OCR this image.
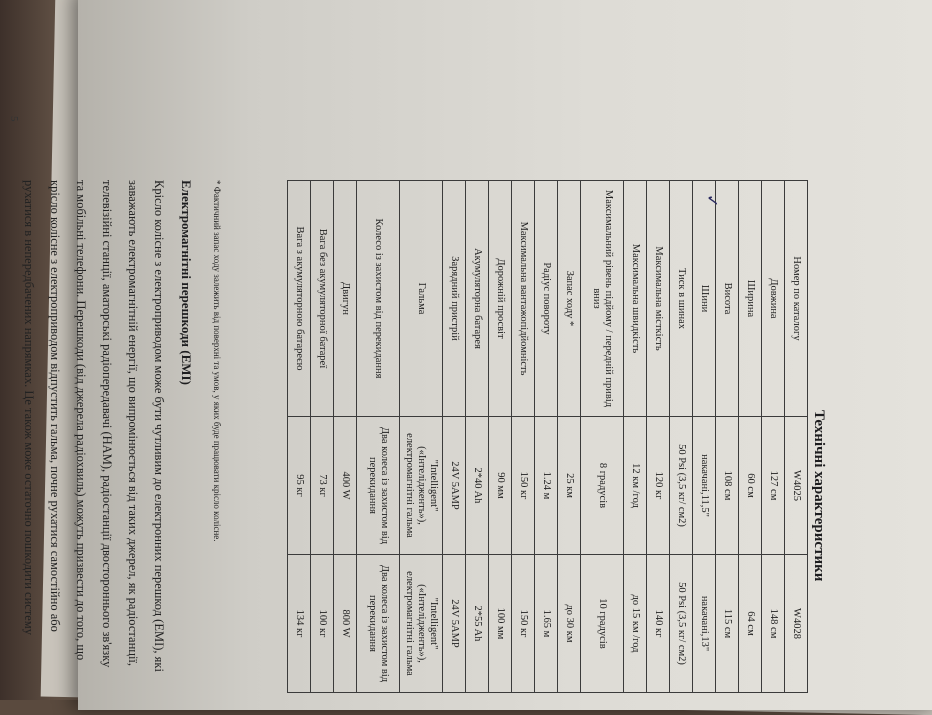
Технічні характеристики
Номер по каталогу	W4025	W4028
Довжина	127 см	148 см
Ширина	60 см	64 см
Висота	108 см	115 см
Шини	накачані,11,5"	накачані,13"
Тиск в шинах	50 Psi (3,5 кг/ см2)	50 Psi (3,5 кг/ см2)
Максимальна місткість	120 кг	140 кг
Максимальна швидкість	12 км /год	до 15 км /год
Максимальний рівень підйому / передній привід вниз	8 градусів	10 градусів
Запас ходу *	25 км	до 30 км
Радіус повороту	1.24 м	1.65 м
Максимальна вантажопідйомність	150 кг	150 кг
Дорожній просвіт	90 мм	100 мм
Акумуляторна батарея	2*40 Ah	2*55 Ah
Зарядний пристрій	24V 5AMP	24V 5AMP
Гальма	"Intelligent" («Інтелідженть»), електромагнітні гальма	"Intelligent" («Інтелідженть»), електромагнітні гальма
Колесо із захистом від перекидання	Два колеса із захистом від перекидання	Два колеса із захистом від перекидання
Двигун	400 W	800 W
Вага без акумуляторної батареї	73 кг	100 кг
Вага з акумуляторною батареєю	95 кг	134 кг
✓
* Фактичний запас ходу залежить від поверхні та умов, у яких буде працювати крісло колісне.
Електромагнітні перешкоди (EMI)
Крісло колісне з електроприводом може бути чутливим до електронних перешкод (EMI), які заважають електромагнітній енергії, що випромінюється від таких джерел, як радіостанції, телевізійні станції, аматорські радіопередавачі (HAM), радіостанції двостороннього зв'язку та мобільні телефони. Перешкоди (від джерела радіохвиль) можуть призвести до того, що крісло колісне з електроприводом відпустить гальма, почне рухатися самостійно або рухатися в непередбачених напрямках. Це також може остаточно пошкодити систему
5
